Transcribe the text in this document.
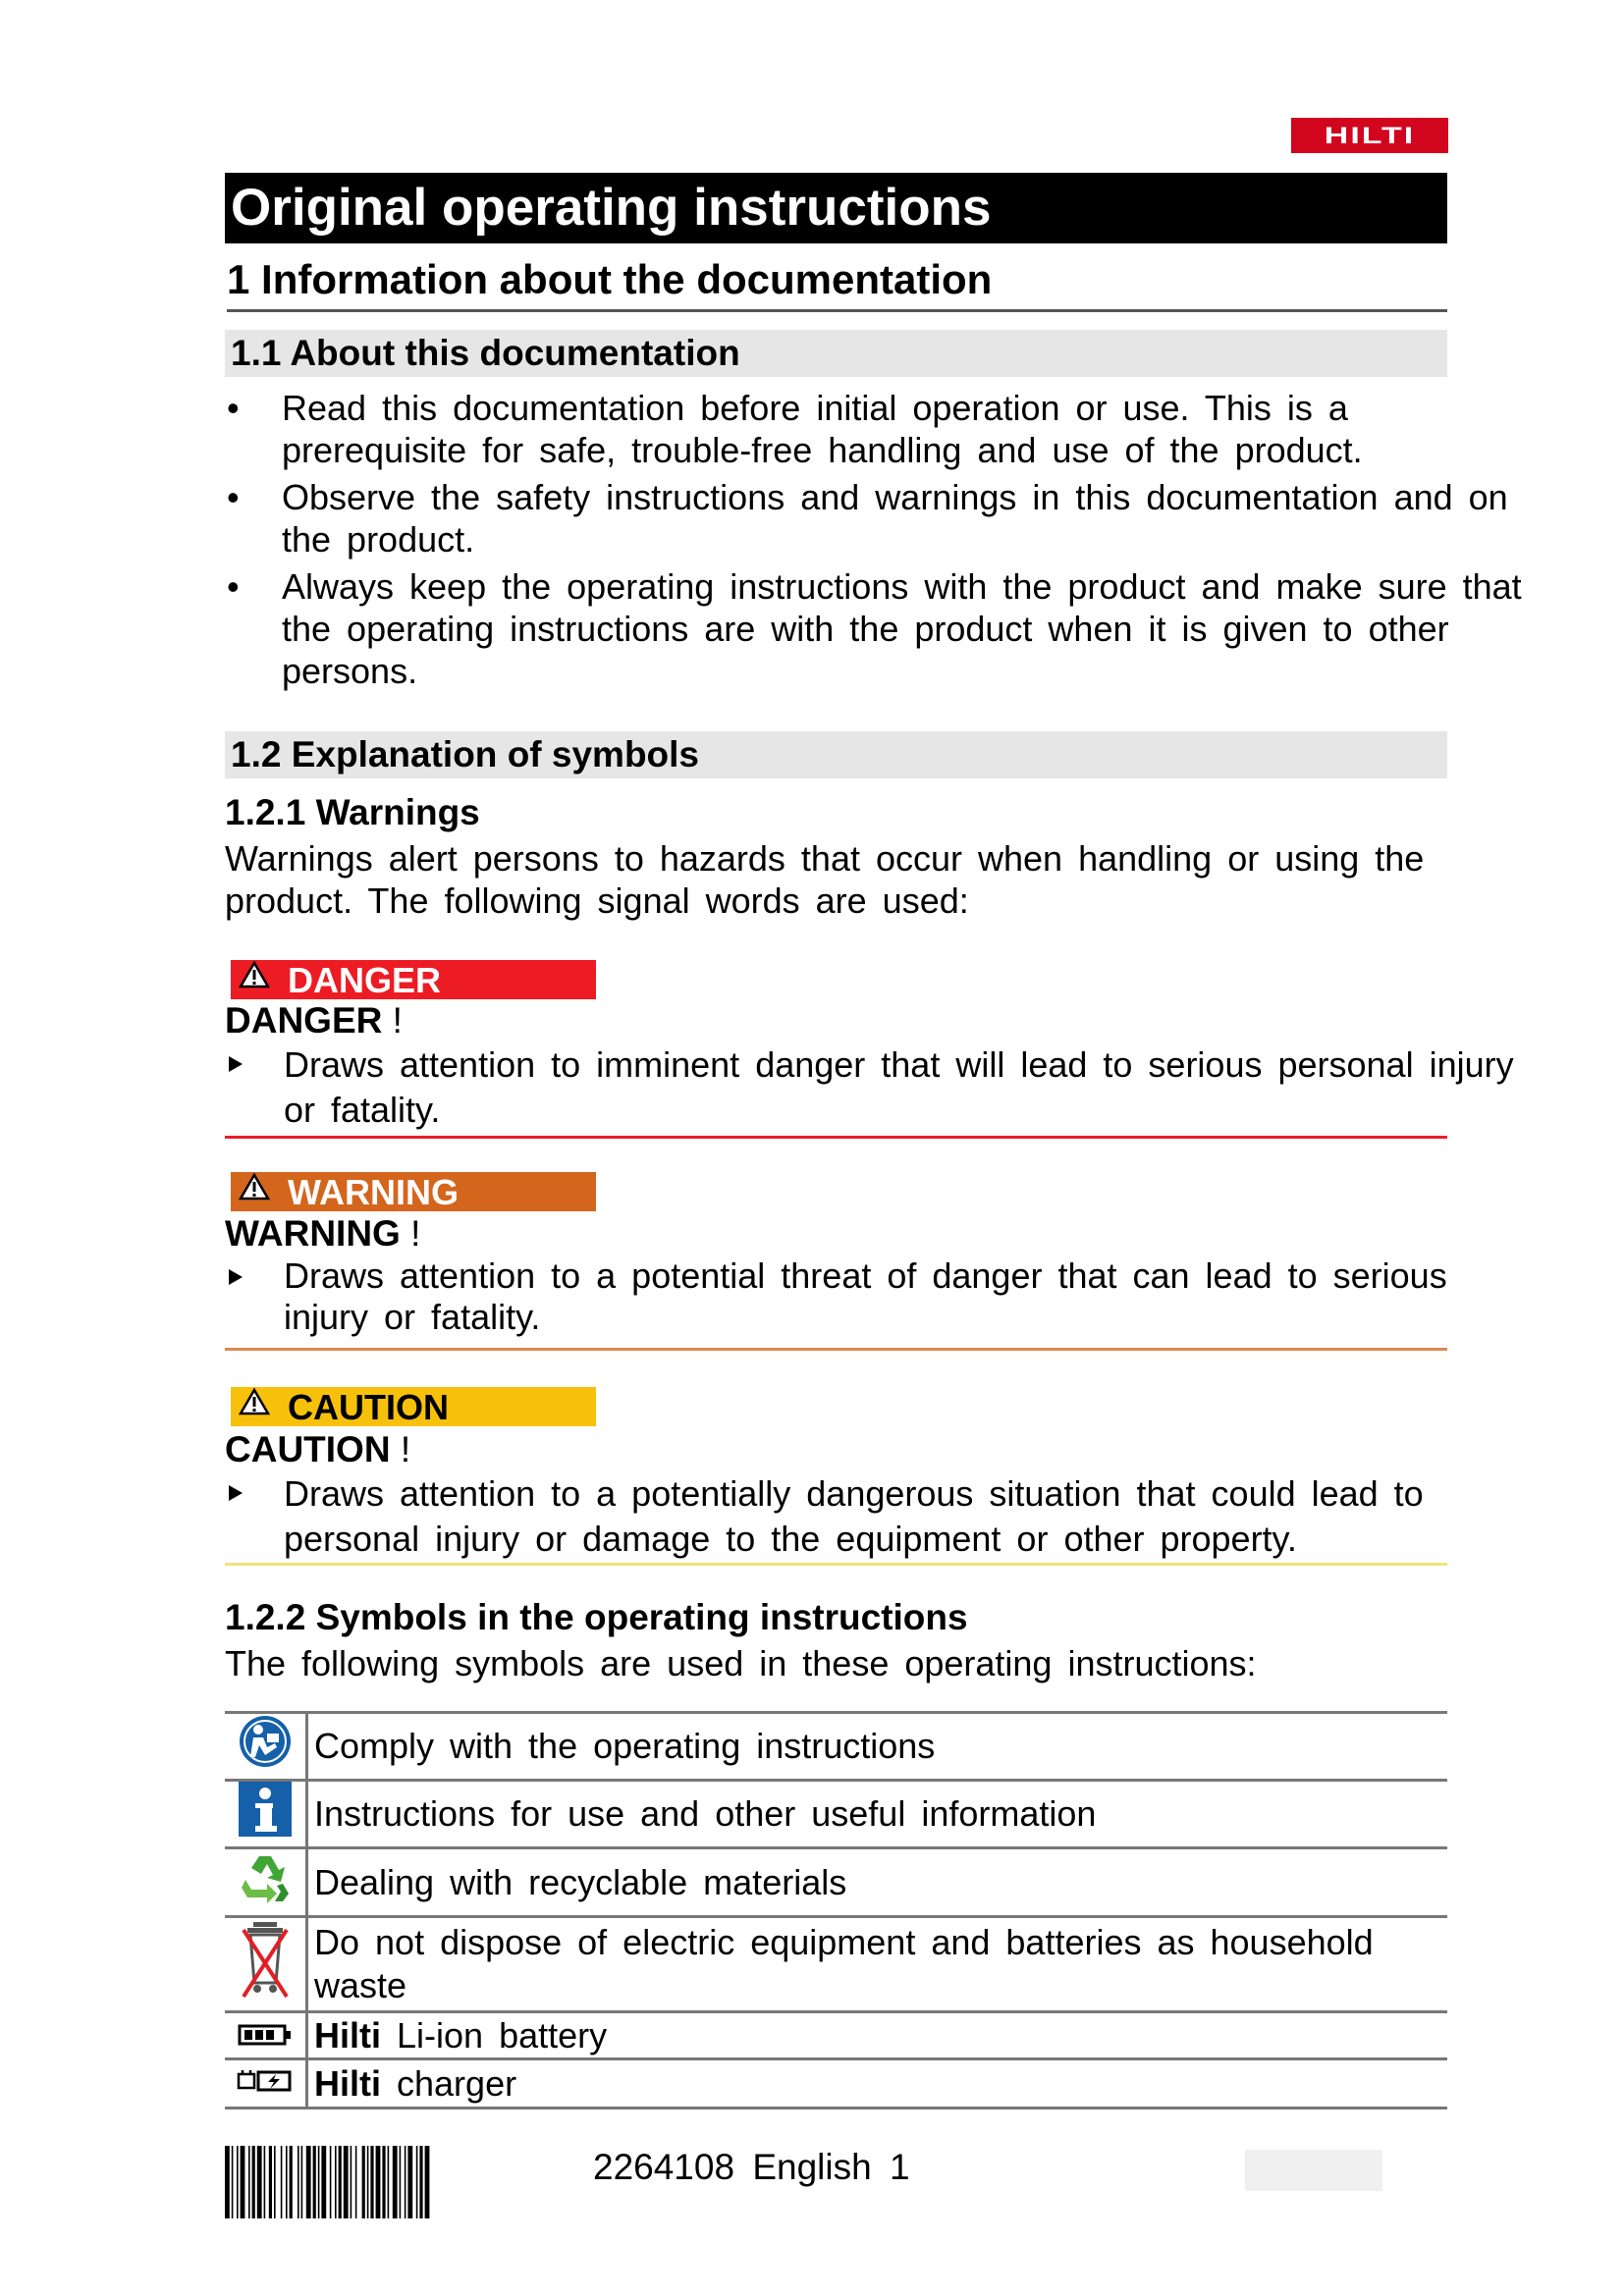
HILTI
Original operating instructions
1 Information about the documentation
1.1 About this documentation
• Read this documentation before initial operation or use. This is a prerequisite for safe, trouble-free handling and use of the product.
• Observe the safety instructions and warnings in this documentation and on the product.
• Always keep the operating instructions with the product and make sure that the operating instructions are with the product when it is given to other persons.
1.2 Explanation of symbols
1.2.1 Warnings
Warnings alert persons to hazards that occur when handling or using the product. The following signal words are used:
DANGER
DANGER !
Draws attention to imminent danger that will lead to serious personal injury or fatality.
WARNING
WARNING !
Draws attention to a potential threat of danger that can lead to serious injury or fatality.
CAUTION
CAUTION !
Draws attention to a potentially dangerous situation that could lead to personal injury or damage to the equipment or other property.
1.2.2 Symbols in the operating instructions
The following symbols are used in these operating instructions:
	Comply with the operating instructions
	Instructions for use and other useful information
	Dealing with recyclable materials
	Do not dispose of electric equipment and batteries as household waste
	Hilti Li-ion battery
	Hilti charger
2264108 English 1
